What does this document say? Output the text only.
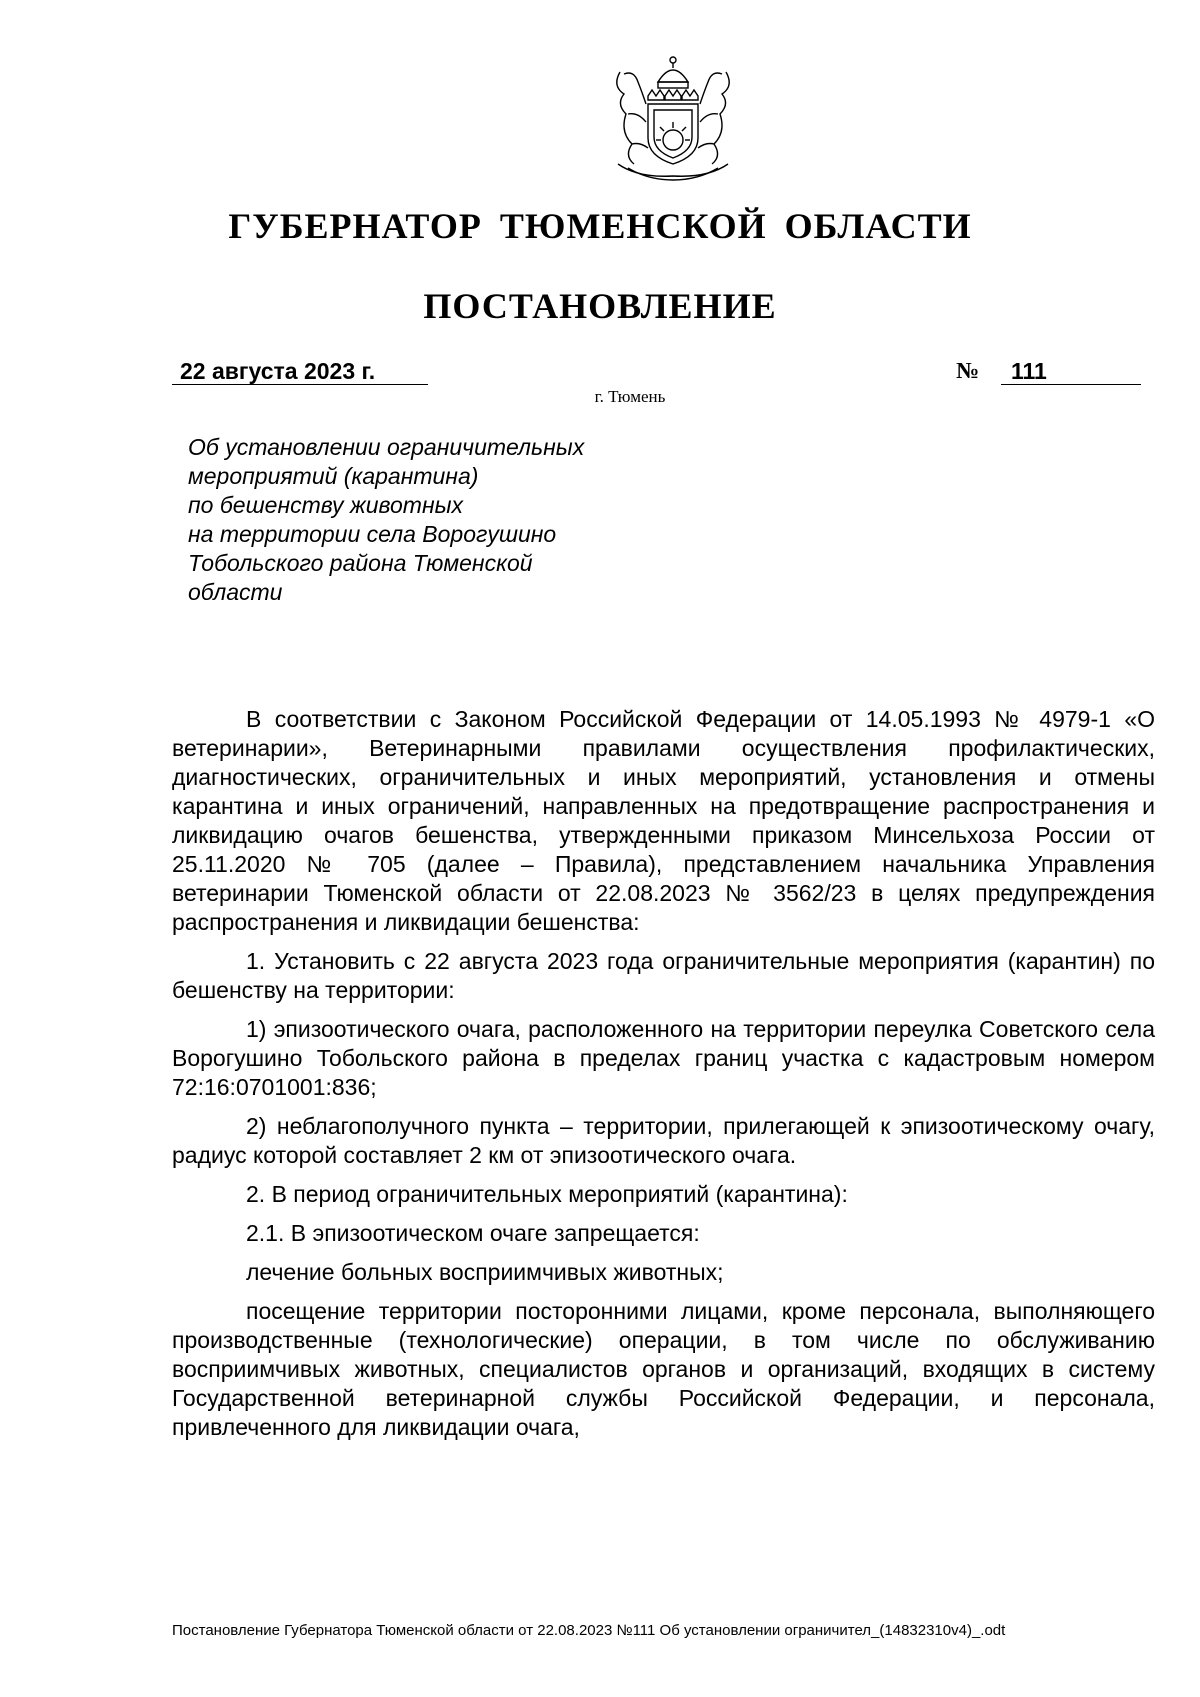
ГУБЕРНАТОР ТЮМЕНСКОЙ ОБЛАСТИ
ПОСТАНОВЛЕНИЕ
22 августа 2023 г.	№	111
г. Тюмень
Об установлении ограничительных
мероприятий (карантина)
по бешенству животных
на территории села Ворогушино
Тобольского района Тюменской
области

В соответствии с Законом Российской Федерации от 14.05.1993 № 4979-1 «О ветеринарии», Ветеринарными правилами осуществления профилактических, диагностических, ограничительных и иных мероприятий, установления и отмены карантина и иных ограничений, направленных на предотвращение распространения и ликвидацию очагов бешенства, утвержденными приказом Минсельхоза России от 25.11.2020 № 705 (далее – Правила), представлением начальника Управления ветеринарии Тюменской области от 22.08.2023 № 3562/23 в целях предупреждения распространения и ликвидации бешенства:

1. Установить с 22 августа 2023 года ограничительные мероприятия (карантин) по бешенству на территории:

1) эпизоотического очага, расположенного на территории переулка Советского села Ворогушино Тобольского района в пределах границ участка с кадастровым номером 72:16:0701001:836;

2) неблагополучного пункта – территории, прилегающей к эпизоотическому очагу, радиус которой составляет 2 км от эпизоотического очага.

2. В период ограничительных мероприятий (карантина):

2.1. В эпизоотическом очаге запрещается:

лечение больных восприимчивых животных;

посещение территории посторонними лицами, кроме персонала, выполняющего производственные (технологические) операции, в том числе по обслуживанию восприимчивых животных, специалистов органов и организаций, входящих в систему Государственной ветеринарной службы Российской Федерации, и персонала, привлеченного для ликвидации очага,

Постановление Губернатора Тюменской области от 22.08.2023 №111 Об установлении ограничител_(14832310v4)_.odt
